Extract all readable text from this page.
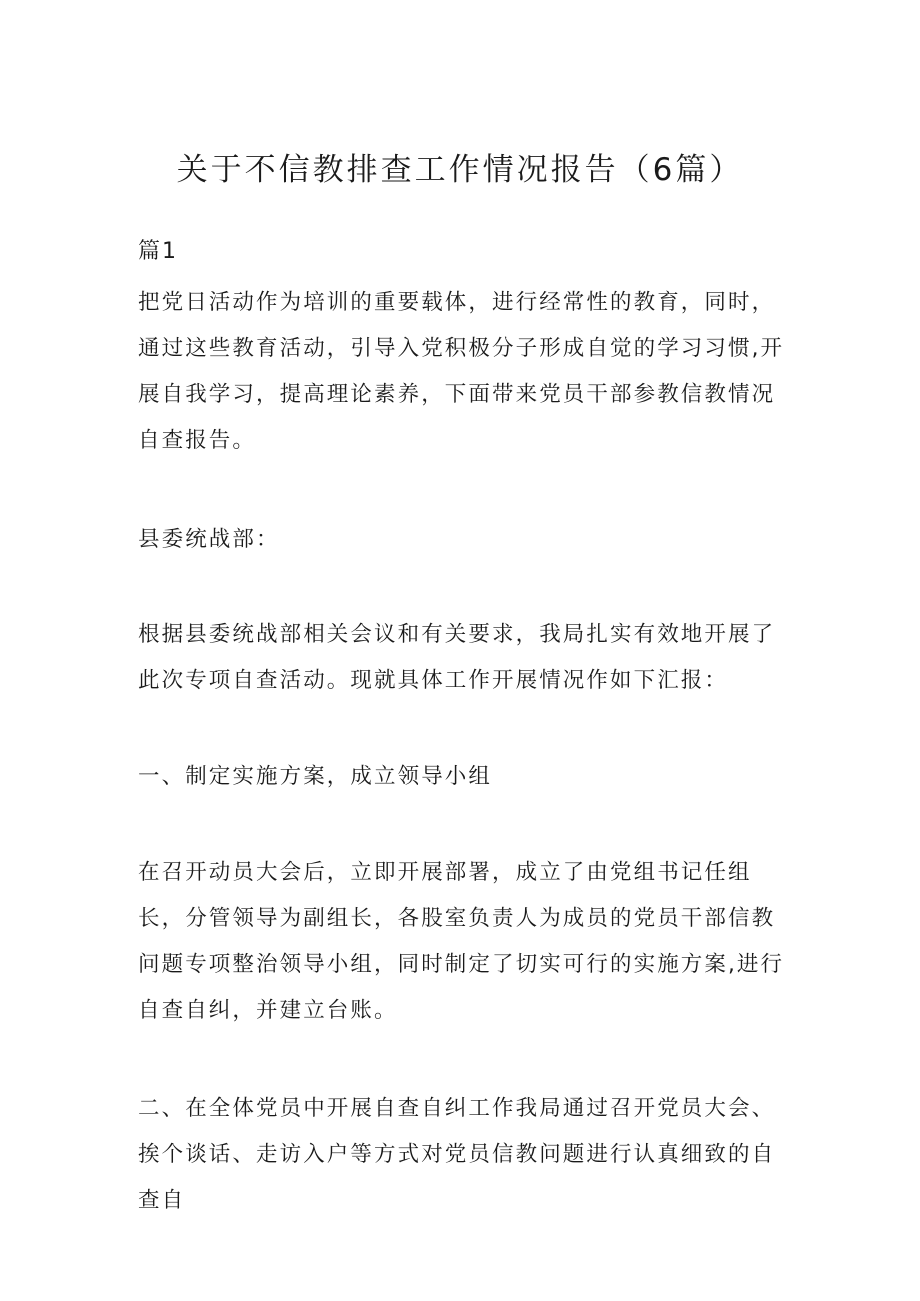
关于不信教排查工作情况报告（6篇）

篇1

把党日活动作为培训的重要载体，进行经常性的教育，同时，通过这些教育活动，引导入党积极分子形成自觉的学习习惯,开展自我学习，提高理论素养，下面带来党员干部参教信教情况自查报告。

县委统战部：

根据县委统战部相关会议和有关要求，我局扎实有效地开展了此次专项自查活动。现就具体工作开展情况作如下汇报：

一、制定实施方案，成立领导小组

在召开动员大会后，立即开展部署，成立了由党组书记任组长，分管领导为副组长，各股室负责人为成员的党员干部信教问题专项整治领导小组，同时制定了切实可行的实施方案,进行自查自纠，并建立台账。

二、在全体党员中开展自查自纠工作我局通过召开党员大会、挨个谈话、走访入户等方式对党员信教问题进行认真细致的自查自
